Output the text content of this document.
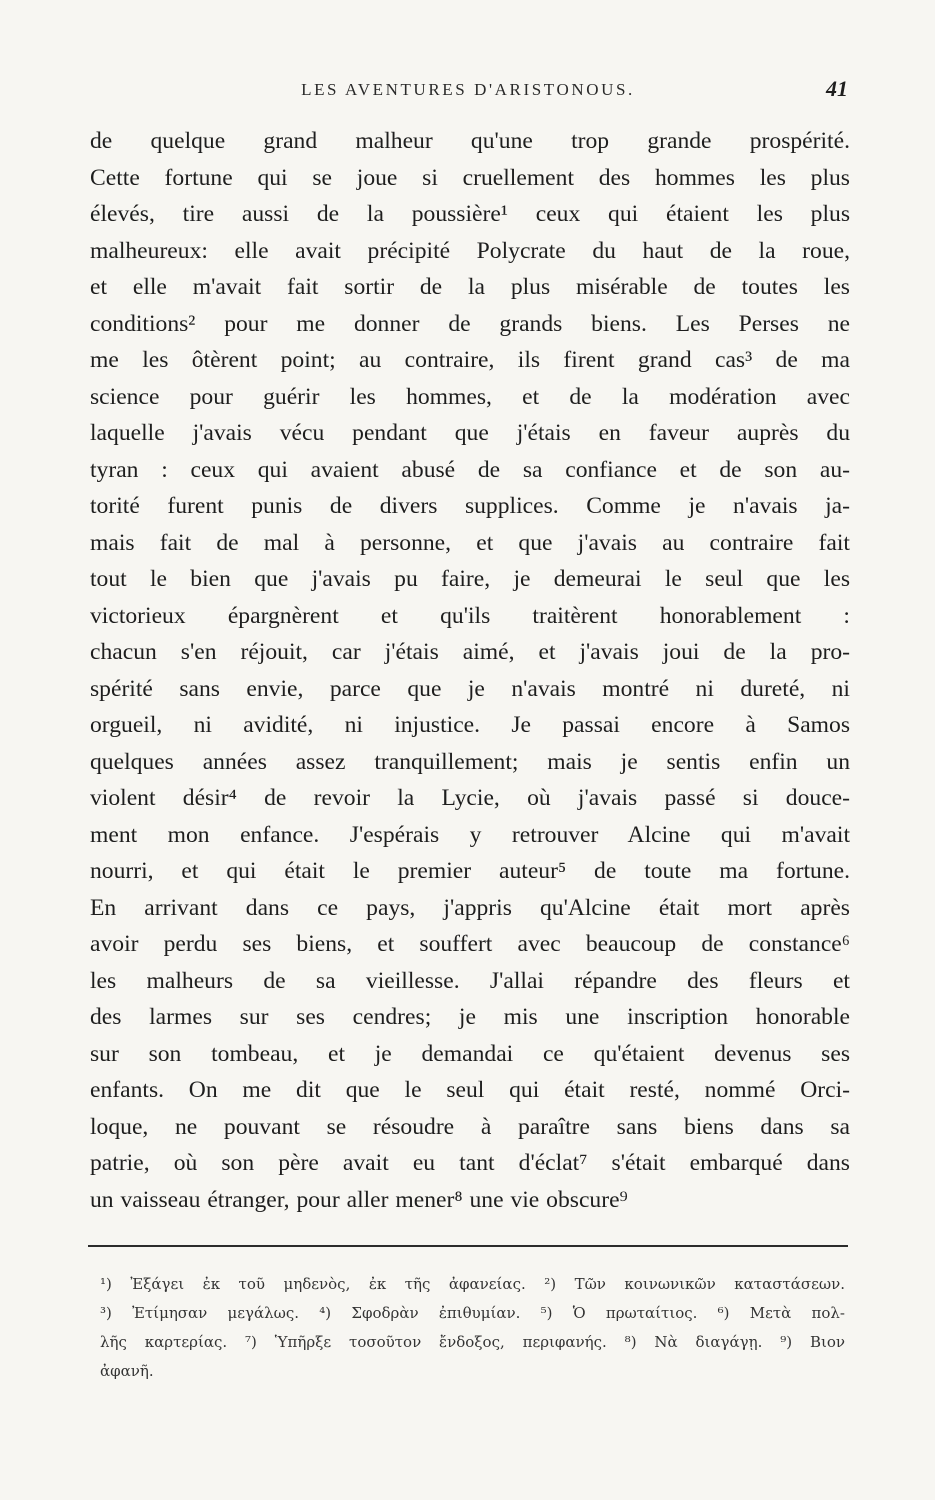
LES AVENTURES D'ARISTONOUS.	41
de quelque grand malheur qu'une trop grande prospérité.
Cette fortune qui se joue si cruellement des hommes les plus
élevés, tire aussi de la poussière¹ ceux qui étaient les plus
malheureux: elle avait précipité Polycrate du haut de la roue,
et elle m'avait fait sortir de la plus misérable de toutes les
conditions² pour me donner de grands biens. Les Perses ne
me les ôtèrent point; au contraire, ils firent grand cas³ de ma
science pour guérir les hommes, et de la modération avec
laquelle j'avais vécu pendant que j'étais en faveur auprès du
tyran : ceux qui avaient abusé de sa confiance et de son au-
torité furent punis de divers supplices. Comme je n'avais ja-
mais fait de mal à personne, et que j'avais au contraire fait
tout le bien que j'avais pu faire, je demeurai le seul que les
victorieux épargnèrent et qu'ils traitèrent honorablement :
chacun s'en réjouit, car j'étais aimé, et j'avais joui de la pro-
spérité sans envie, parce que je n'avais montré ni dureté, ni
orgueil, ni avidité, ni injustice. Je passai encore à Samos
quelques années assez tranquillement; mais je sentis enfin un
violent désir⁴ de revoir la Lycie, où j'avais passé si douce-
ment mon enfance. J'espérais y retrouver Alcine qui m'avait
nourri, et qui était le premier auteur⁵ de toute ma fortune.
En arrivant dans ce pays, j'appris qu'Alcine était mort après
avoir perdu ses biens, et souffert avec beaucoup de constance⁶
les malheurs de sa vieillesse. J'allai répandre des fleurs et
des larmes sur ses cendres; je mis une inscription honorable
sur son tombeau, et je demandai ce qu'étaient devenus ses
enfants. On me dit que le seul qui était resté, nommé Orci-
loque, ne pouvant se résoudre à paraître sans biens dans sa
patrie, où son père avait eu tant d'éclat⁷ s'était embarqué dans
un vaisseau étranger, pour aller mener⁸ une vie obscure⁹
¹) Ἐξάγει ἐκ τοῦ μηδενὸς, ἐκ τῆς ἀφανείας. ²) Τῶν κοινωνικῶν καταστάσεων.
³) Ἐτίμησαν μεγάλως. ⁴) Σφοδρὰν ἐπιθυμίαν. ⁵) Ὁ πρωταίτιος. ⁶) Μετὰ πολ-
λῆς καρτερίας. ⁷) Ὑπῆρξε τοσοῦτον ἔνδοξος, περιφανής. ⁸) Νὰ διαγάγῃ. ⁹) Βιον
ἀφανῆ.
